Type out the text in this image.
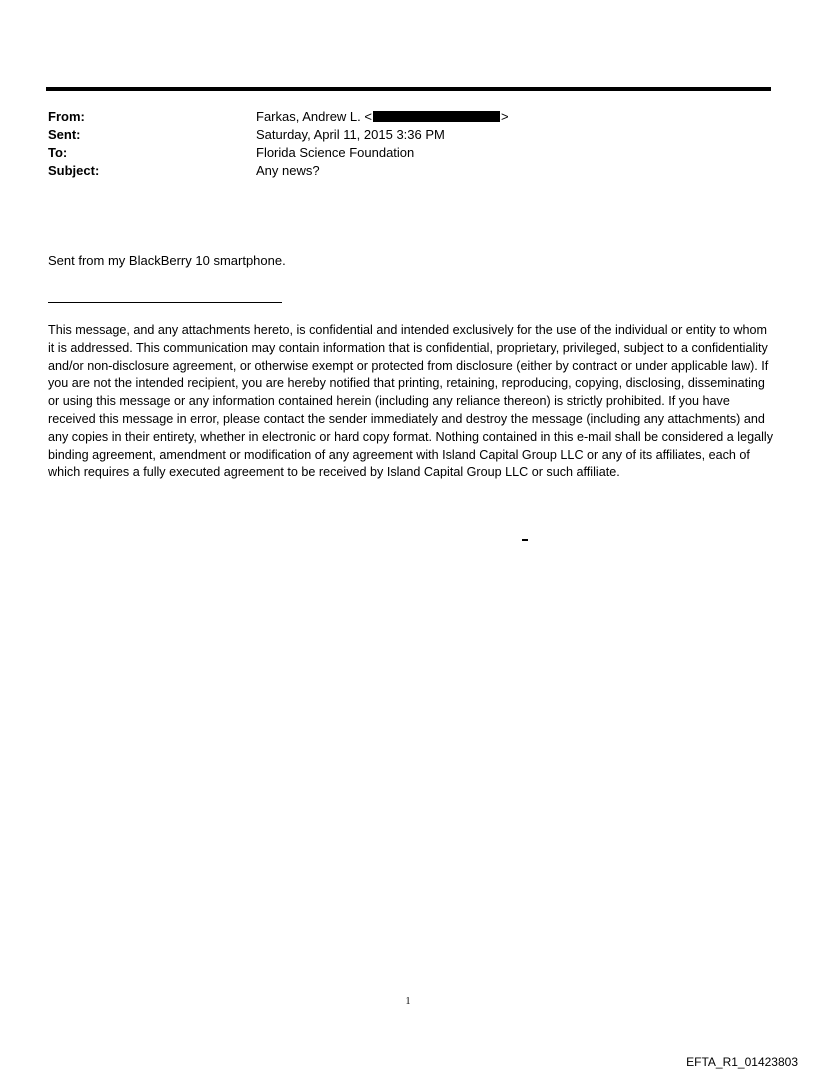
From:	Farkas, Andrew L. <	>
Sent:	Saturday, April 11, 2015 3:36 PM
To:	Florida Science Foundation
Subject:	Any news?
Sent from my BlackBerry 10 smartphone.
This message, and any attachments hereto, is confidential and intended exclusively for the use of the individual or entity to whom it is addressed. This communication may contain information that is confidential, proprietary, privileged, subject to a confidentiality and/or non-disclosure agreement, or otherwise exempt or protected from disclosure (either by contract or under applicable law). If you are not the intended recipient, you are hereby notified that printing, retaining, reproducing, copying, disclosing, disseminating or using this message or any information contained herein (including any reliance thereon) is strictly prohibited. If you have received this message in error, please contact the sender immediately and destroy the message (including any attachments) and any copies in their entirety, whether in electronic or hard copy format. Nothing contained in this e-mail shall be considered a legally binding agreement, amendment or modification of any agreement with Island Capital Group LLC or any of its affiliates, each of which requires a fully executed agreement to be received by Island Capital Group LLC or such affiliate.
1
EFTA_R1_01423803
